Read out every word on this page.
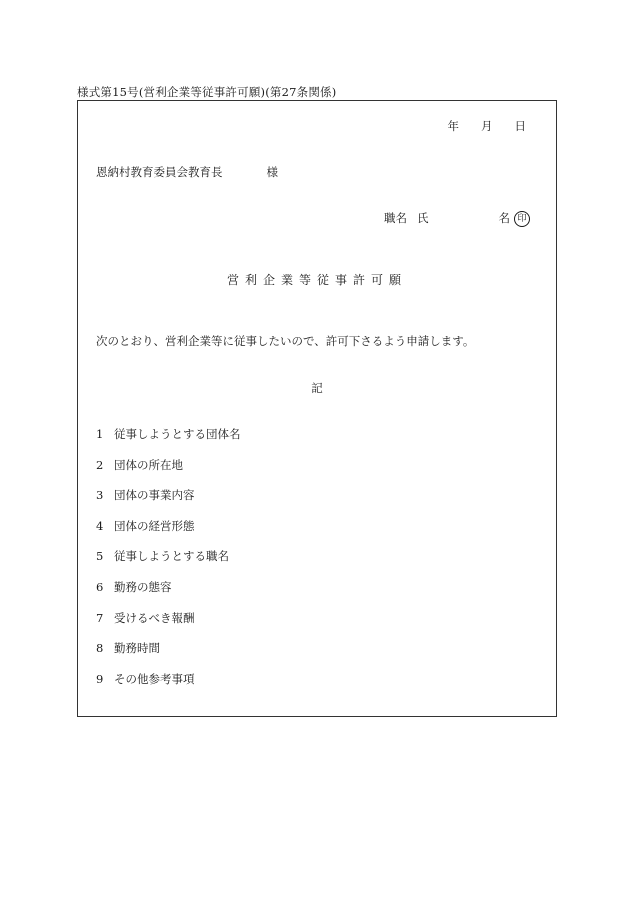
様式第15号(営利企業等従事許可願)(第27条関係)
年 月 日
恩納村教育委員会教育長	様
職名 氏	名 印
営利企業等従事許可願
次のとおり、営利企業等に従事したいので、許可下さるよう申請します。
記
1 従事しようとする団体名
2 団体の所在地
3 団体の事業内容
4 団体の経営形態
5 従事しようとする職名
6 勤務の態容
7 受けるべき報酬
8 勤務時間
9 その他参考事項
